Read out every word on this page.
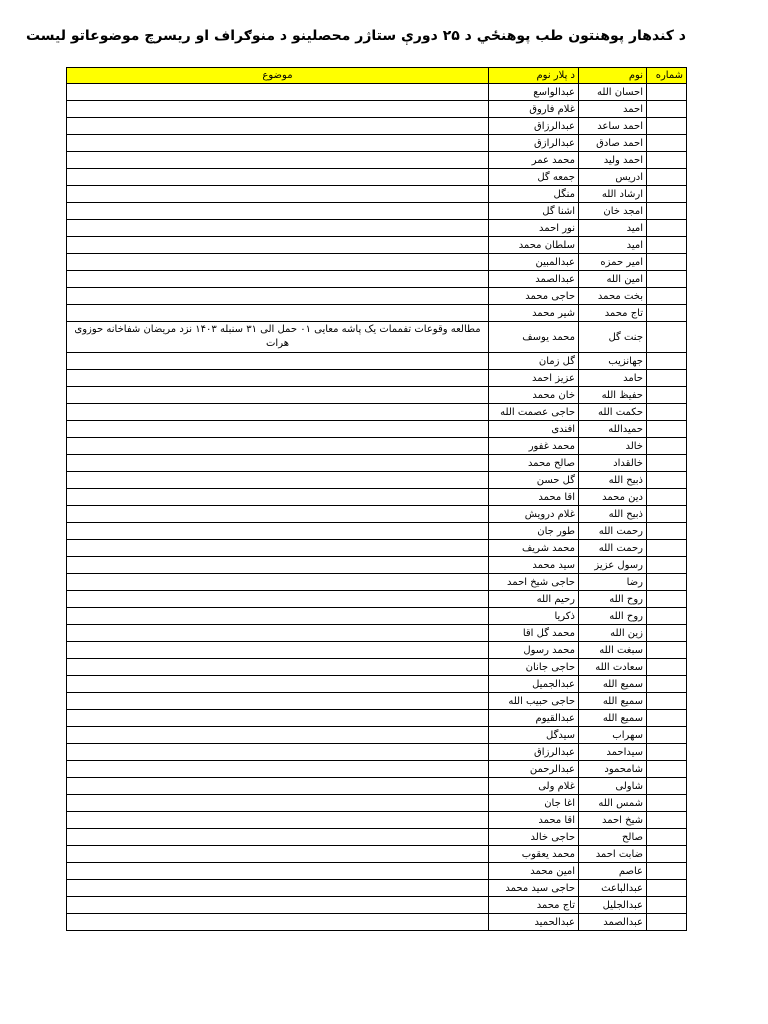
د کندهار پوهنتون طب پوهنځي د ۲۵ دورې ستاژر محصلینو د منوګراف او ریسرچ موضوعاتو لیست
شماره	نوم	د پلار نوم	موضوع
	احسان الله	عبدالواسع	
	احمد	غلام فاروق	
	احمد ساعد	عبدالرزاق	
	احمد صادق	عبدالرازق	
	احمد ولید	محمد عمر	
	ادریس	جمعه گل	
	ارشاد الله	منگل	
	امجد خان	اشنا گل	
	امید	نور احمد	
	امید	سلطان محمد	
	امیر حمزه	عبدالمبین	
	امین الله	عبدالصمد	
	بخت محمد	حاجی محمد	
	تاج محمد	شیر محمد	
	جنت گل	محمد یوسف	مطالعه وقوعات تفممات یک پاشه معایی ۰۱ حمل الی ۳۱ سنبله ۱۴۰۳ نزد مریضان شفاخانه حوزوی هرات
	جهانزیب	گل زمان	
	حامد	عزیز احمد	
	حفیظ الله	خان محمد	
	حکمت الله	حاجی عصمت الله	
	حمیدالله	افندی	
	خالد	محمد غفور	
	خالقداد	صالح محمد	
	ذبیح الله	گل حسن	
	دین محمد	اقا محمد	
	ذبیح الله	غلام درویش	
	رحمت الله	طور جان	
	رحمت الله	محمد شریف	
	رسول عزیز	سید محمد	
	رضا	حاجی شیخ احمد	
	روح الله	رحیم الله	
	روح الله	ذکریا	
	زین الله	محمد گل اقا	
	سبغت الله	محمد رسول	
	سعادت الله	حاجی جانان	
	سمیع الله	عبدالجمیل	
	سمیع الله	حاجی حبیب الله	
	سمیع الله	عبدالقیوم	
	سهراب	سیدگل	
	سیداحمد	عبدالرزاق	
	شامحمود	عبدالرحمن	
	شاولی	غلام ولی	
	شمس الله	اغا جان	
	شیخ احمد	اقا محمد	
	صالح	حاجی خالد	
	ضابت احمد	محمد یعقوب	
	عاصم	امین محمد	
	عبدالباعث	حاجی سید محمد	
	عبدالجلیل	تاج محمد	
	عبدالصمد	عبدالحمید	
